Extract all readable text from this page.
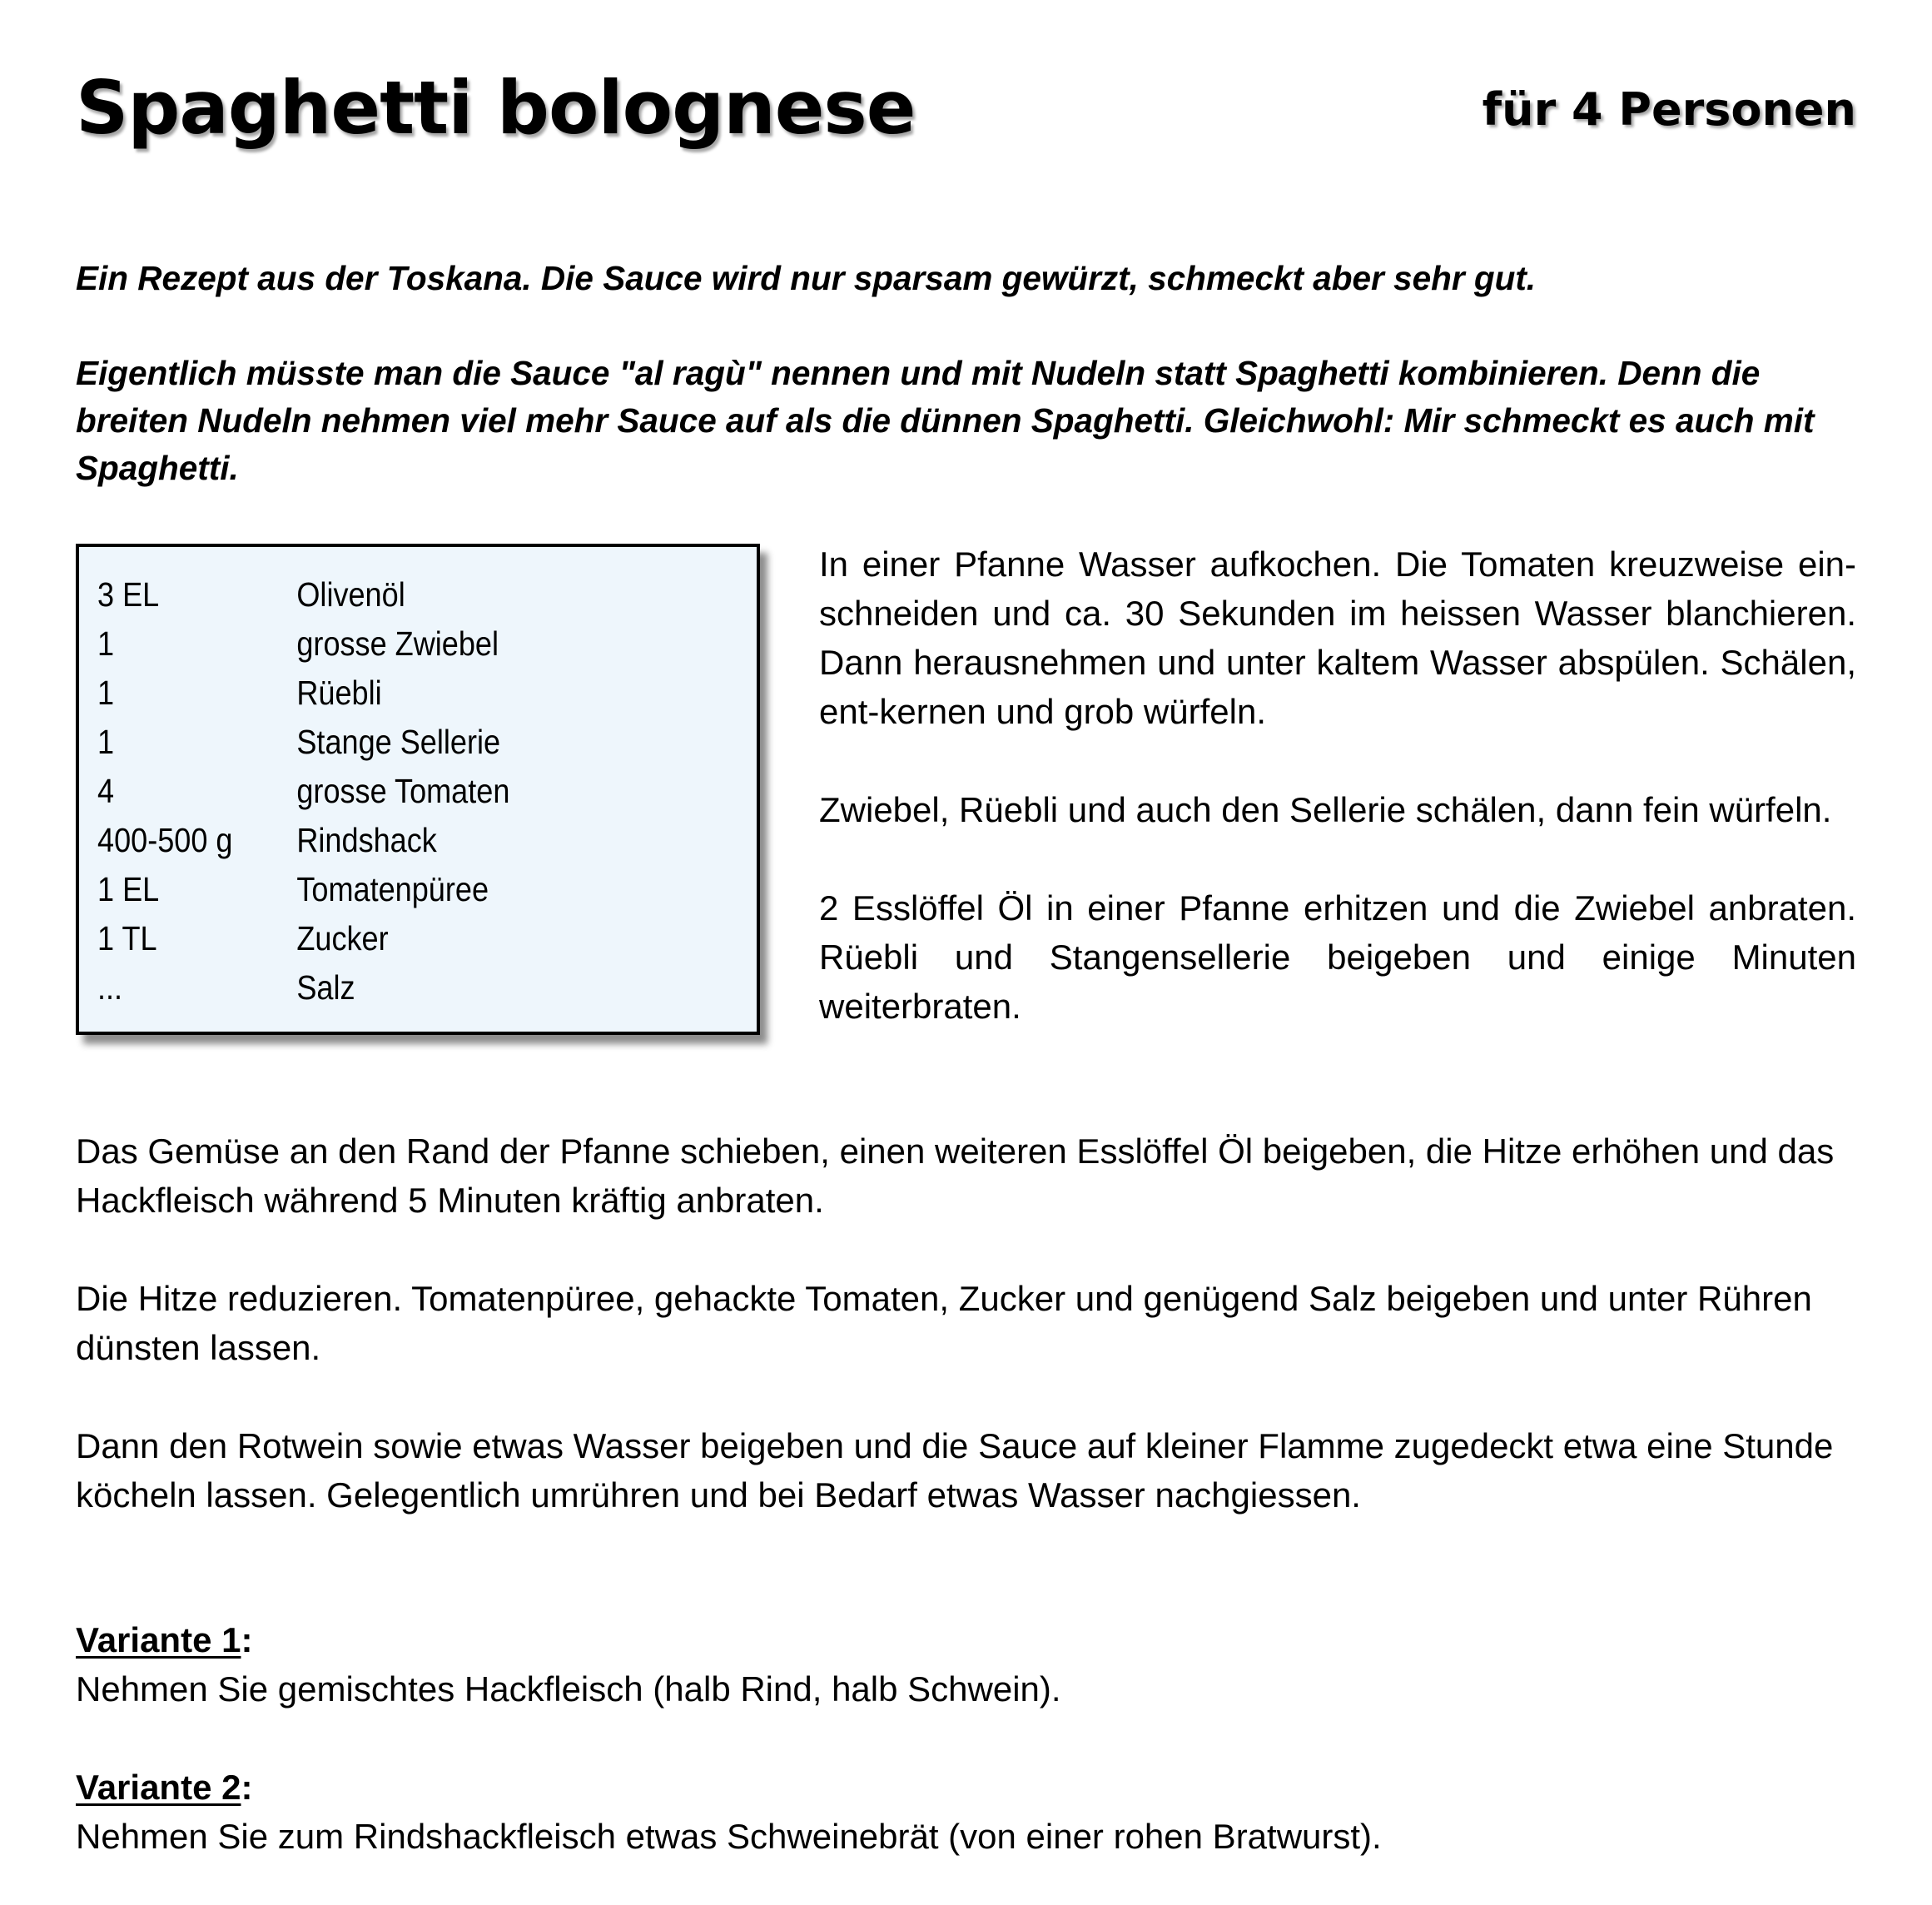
Spaghetti bolognese	für 4 Personen

Ein Rezept aus der Toskana. Die Sauce wird nur sparsam gewürzt, schmeckt aber sehr gut.

Eigentlich müsste man die Sauce "al ragù" nennen und mit Nudeln statt Spaghetti kombinieren. Denn die breiten Nudeln nehmen viel mehr Sauce auf als die dünnen Spaghetti. Gleichwohl: Mir schmeckt es auch mit Spaghetti.

3 EL	Olivenöl
1	grosse Zwiebel
1	Rüebli
1	Stange Sellerie
4	grosse Tomaten
400-500 g	Rindshack
1 EL	Tomatenpüree
1 TL	Zucker
...	Salz

In einer Pfanne Wasser aufkochen. Die Tomaten kreuzweise ein-schneiden und ca. 30 Sekunden im heissen Wasser blanchieren. Dann herausnehmen und unter kaltem Wasser abspülen. Schälen, ent-kernen und grob würfeln.

Zwiebel, Rüebli und auch den Sellerie schälen, dann fein würfeln.

2 Esslöffel Öl in einer Pfanne erhitzen und die Zwiebel anbraten. Rüebli und Stangensellerie beigeben und einige Minuten weiterbraten.

Das Gemüse an den Rand der Pfanne schieben, einen weiteren Esslöffel Öl beigeben, die Hitze erhöhen und das Hackfleisch während 5 Minuten kräftig anbraten.

Die Hitze reduzieren. Tomatenpüree, gehackte Tomaten, Zucker und genügend Salz beigeben und unter Rühren dünsten lassen.

Dann den Rotwein sowie etwas Wasser beigeben und die Sauce auf kleiner Flamme zugedeckt etwa eine Stunde köcheln lassen. Gelegentlich umrühren und bei Bedarf etwas Wasser nachgiessen.

Variante 1:

Nehmen Sie gemischtes Hackfleisch (halb Rind, halb Schwein).

Variante 2:

Nehmen Sie zum Rindshackfleisch etwas Schweinebrät (von einer rohen Bratwurst).
